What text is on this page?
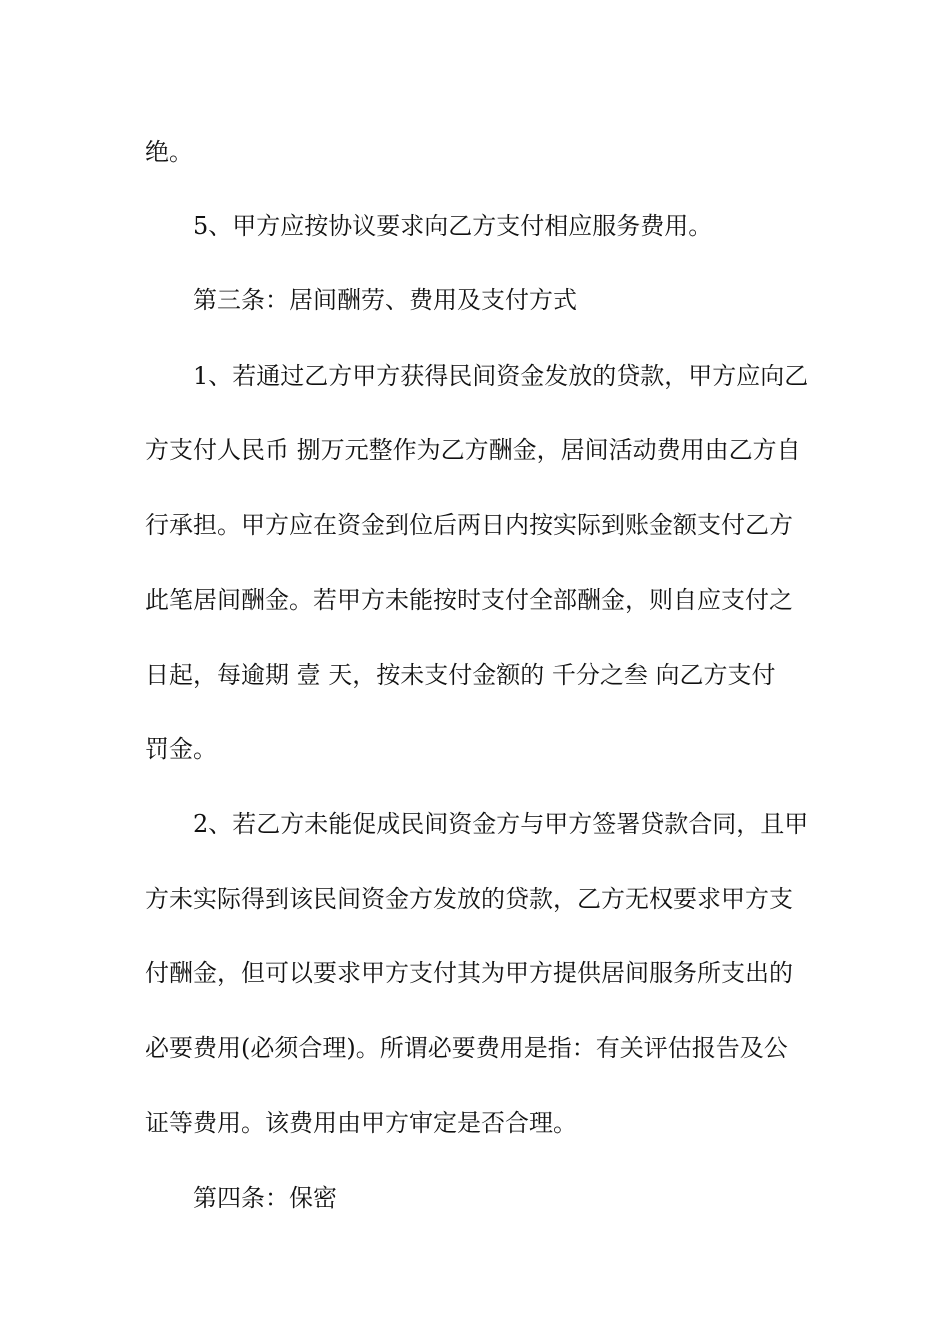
绝。

5、甲方应按协议要求向乙方支付相应服务费用。

第三条：居间酬劳、费用及支付方式

1、若通过乙方甲方获得民间资金发放的贷款，甲方应向乙

方支付人民币 捌万元整作为乙方酬金，居间活动费用由乙方自

行承担。甲方应在资金到位后两日内按实际到账金额支付乙方

此笔居间酬金。若甲方未能按时支付全部酬金，则自应支付之

日起，每逾期 壹 天，按未支付金额的 千分之叁 向乙方支付

罚金。

2、若乙方未能促成民间资金方与甲方签署贷款合同，且甲

方未实际得到该民间资金方发放的贷款，乙方无权要求甲方支

付酬金，但可以要求甲方支付其为甲方提供居间服务所支出的

必要费用(必须合理)。所谓必要费用是指：有关评估报告及公

证等费用。该费用由甲方审定是否合理。

第四条：保密
